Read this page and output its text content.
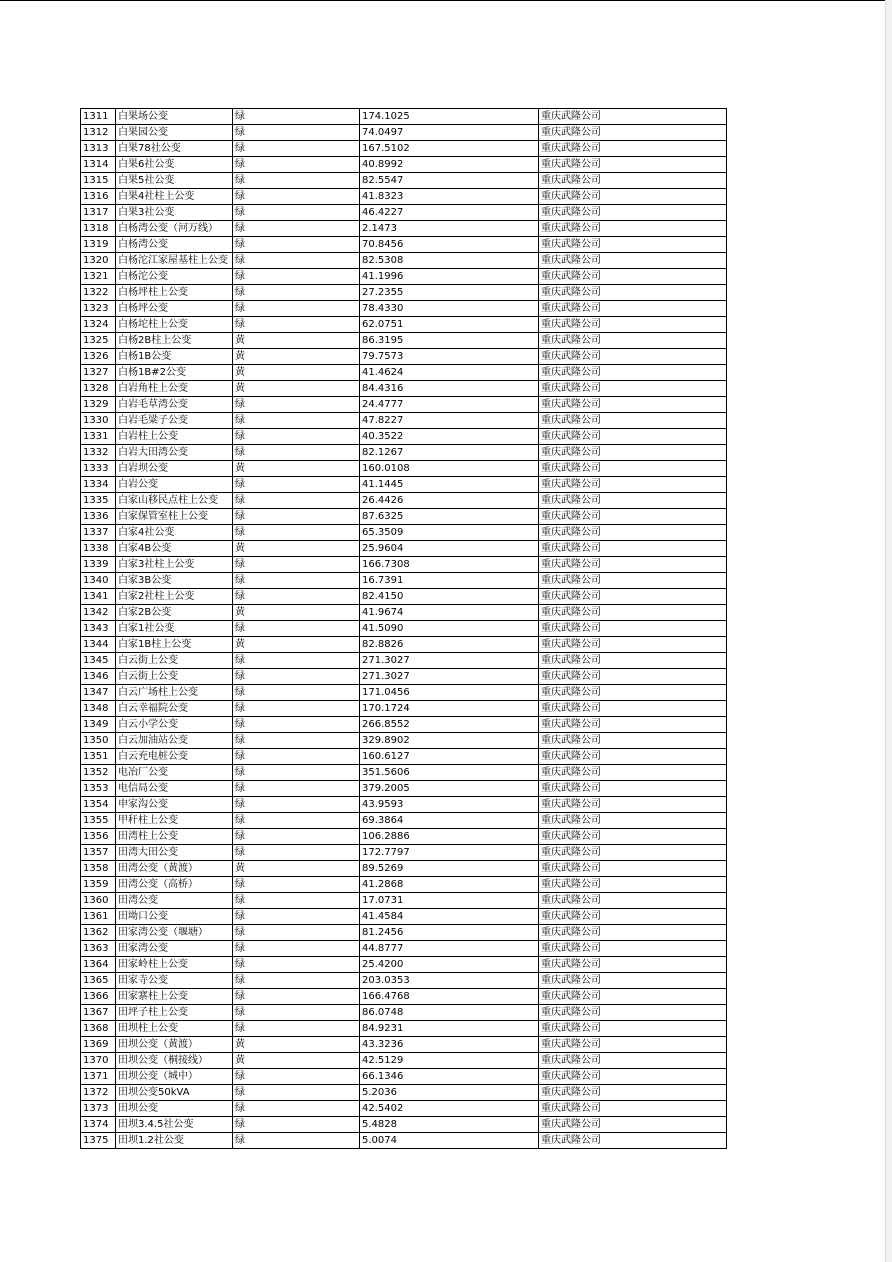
1311	白果场公变	绿	174.1025	重庆武隆公司
1312	白果园公变	绿	74.0497	重庆武隆公司
1313	白果78社公变	绿	167.5102	重庆武隆公司
1314	白果6社公变	绿	40.8992	重庆武隆公司
1315	白果5社公变	绿	82.5547	重庆武隆公司
1316	白果4社柱上公变	绿	41.8323	重庆武隆公司
1317	白果3社公变	绿	46.4227	重庆武隆公司
1318	白杨湾公变（河万线）	绿	2.1473	重庆武隆公司
1319	白杨湾公变	绿	70.8456	重庆武隆公司
1320	白杨沱江家屋基柱上公变	绿	82.5308	重庆武隆公司
1321	白杨沱公变	绿	41.1996	重庆武隆公司
1322	白杨坪柱上公变	绿	27.2355	重庆武隆公司
1323	白杨坪公变	绿	78.4330	重庆武隆公司
1324	白杨坨柱上公变	绿	62.0751	重庆武隆公司
1325	白杨2B柱上公变	黄	86.3195	重庆武隆公司
1326	白杨1B公变	黄	79.7573	重庆武隆公司
1327	白杨1B#2公变	黄	41.4624	重庆武隆公司
1328	白岩角柱上公变	黄	84.4316	重庆武隆公司
1329	白岩毛草湾公变	绿	24.4777	重庆武隆公司
1330	白岩毛粱子公变	绿	47.8227	重庆武隆公司
1331	白岩柱上公变	绿	40.3522	重庆武隆公司
1332	白岩大田湾公变	绿	82.1267	重庆武隆公司
1333	白岩坝公变	黄	160.0108	重庆武隆公司
1334	白岩公变	绿	41.1445	重庆武隆公司
1335	白家山移民点柱上公变	绿	26.4426	重庆武隆公司
1336	白家保管室柱上公变	绿	87.6325	重庆武隆公司
1337	白家4社公变	绿	65.3509	重庆武隆公司
1338	白家4B公变	黄	25.9604	重庆武隆公司
1339	白家3社柱上公变	绿	166.7308	重庆武隆公司
1340	白家3B公变	绿	16.7391	重庆武隆公司
1341	白家2社柱上公变	绿	82.4150	重庆武隆公司
1342	白家2B公变	黄	41.9674	重庆武隆公司
1343	白家1社公变	绿	41.5090	重庆武隆公司
1344	白家1B柱上公变	黄	82.8826	重庆武隆公司
1345	白云街上公变	绿	271.3027	重庆武隆公司
1346	白云街上公变	绿	271.3027	重庆武隆公司
1347	白云广场柱上公变	绿	171.0456	重庆武隆公司
1348	白云幸福院公变	绿	170.1724	重庆武隆公司
1349	白云小学公变	绿	266.8552	重庆武隆公司
1350	白云加油站公变	绿	329.8902	重庆武隆公司
1351	白云充电桩公变	绿	160.6127	重庆武隆公司
1352	电冶厂公变	绿	351.5606	重庆武隆公司
1353	电信局公变	绿	379.2005	重庆武隆公司
1354	申家沟公变	绿	43.9593	重庆武隆公司
1355	甲秆柱上公变	绿	69.3864	重庆武隆公司
1356	田湾柱上公变	绿	106.2886	重庆武隆公司
1357	田湾大田公变	绿	172.7797	重庆武隆公司
1358	田湾公变（黄渡）	黄	89.5269	重庆武隆公司
1359	田湾公变（高桥）	绿	41.2868	重庆武隆公司
1360	田湾公变	绿	17.0731	重庆武隆公司
1361	田坳口公变	绿	41.4584	重庆武隆公司
1362	田家湾公变（堰塘）	绿	81.2456	重庆武隆公司
1363	田家湾公变	绿	44.8777	重庆武隆公司
1364	田家岭柱上公变	绿	25.4200	重庆武隆公司
1365	田家寺公变	绿	203.0353	重庆武隆公司
1366	田家寨柱上公变	绿	166.4768	重庆武隆公司
1367	田坪子柱上公变	绿	86.0748	重庆武隆公司
1368	田坝柱上公变	绿	84.9231	重庆武隆公司
1369	田坝公变（黄渡）	黄	43.3236	重庆武隆公司
1370	田坝公变（桐接线）	黄	42.5129	重庆武隆公司
1371	田坝公变（城中）	绿	66.1346	重庆武隆公司
1372	田坝公变50kVA	绿	5.2036	重庆武隆公司
1373	田坝公变	绿	42.5402	重庆武隆公司
1374	田坝3.4.5社公变	绿	5.4828	重庆武隆公司
1375	田坝1.2社公变	绿	5.0074	重庆武隆公司
